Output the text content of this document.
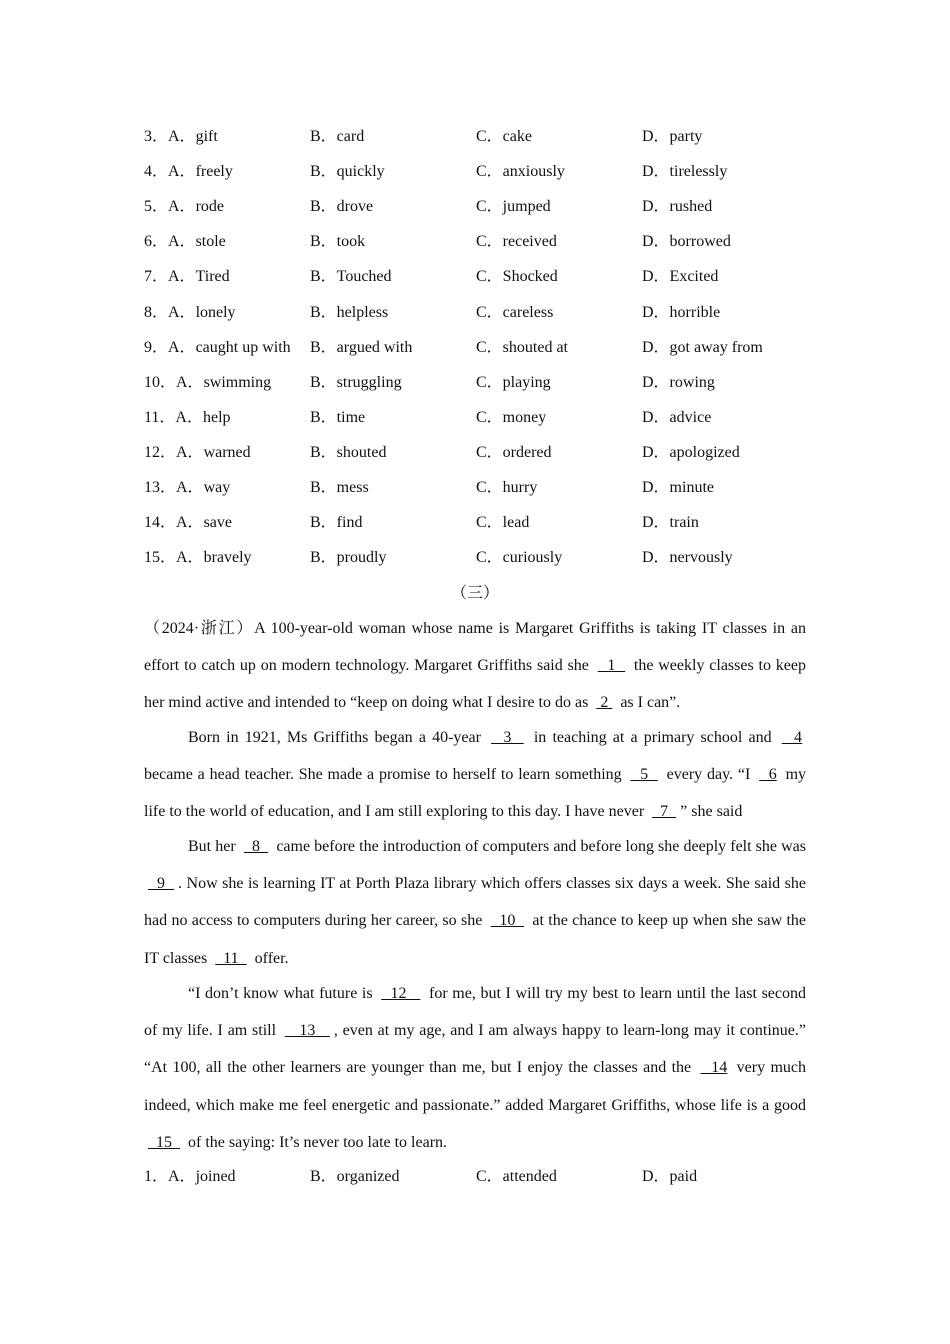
3．A．gift	B．card	C．cake	D．party
4．A．freely	B．quickly	C．anxiously	D．tirelessly
5．A．rode	B．drove	C．jumped	D．rushed
6．A．stole	B．took	C．received	D．borrowed
7．A．Tired	B．Touched	C．Shocked	D．Excited
8．A．lonely	B．helpless	C．careless	D．horrible
9．A．caught up with B．argued with	C．shouted at	D．got away from
10．A．swimming B．struggling	C．playing	D．rowing
11．A．help	B．time	C．money	D．advice
12．A．warned	B．shouted	C．ordered	D．apologized
13．A．way	B．mess	C．hurry	D．minute
14．A．save	B．find	C．lead	D．train
15．A．bravely	B．proudly	C．curiously	D．nervously
（三）
（2024·浙江）A 100-year-old woman whose name is Margaret Griffiths is taking IT classes in an effort to catch up on modern technology. Margaret Griffiths said she   1   the weekly classes to keep her mind active and intended to “keep on doing what I desire to do as  2  as I can”.
Born in 1921, Ms Griffiths began a 40-year   3   in teaching at a primary school and   4 became a head teacher. She made a promise to herself to learn something   5   every day. “I   6 my life to the world of education, and I am still exploring to this day. I have never   7  ” she said
But her   8   came before the introduction of computers and before long she deeply felt she was   9  . Now she is learning IT at Porth Plaza library which offers classes six days a week. She said she had no access to computers during her career, so she   10   at the chance to keep up when she saw the IT classes   11   offer.
“I don’t know what future is   12    for me, but I will try my best to learn until the last second of my life. I am still    13   , even at my age, and I am always happy to learn-long may it continue.” “At 100, all the other learners are younger than me, but I enjoy the classes and the   14 very much indeed, which make me feel energetic and passionate.” added Margaret Griffiths, whose life is a good   15   of the saying: It’s never too late to learn.
1．A．joined	B．organized	C．attended	D．paid
